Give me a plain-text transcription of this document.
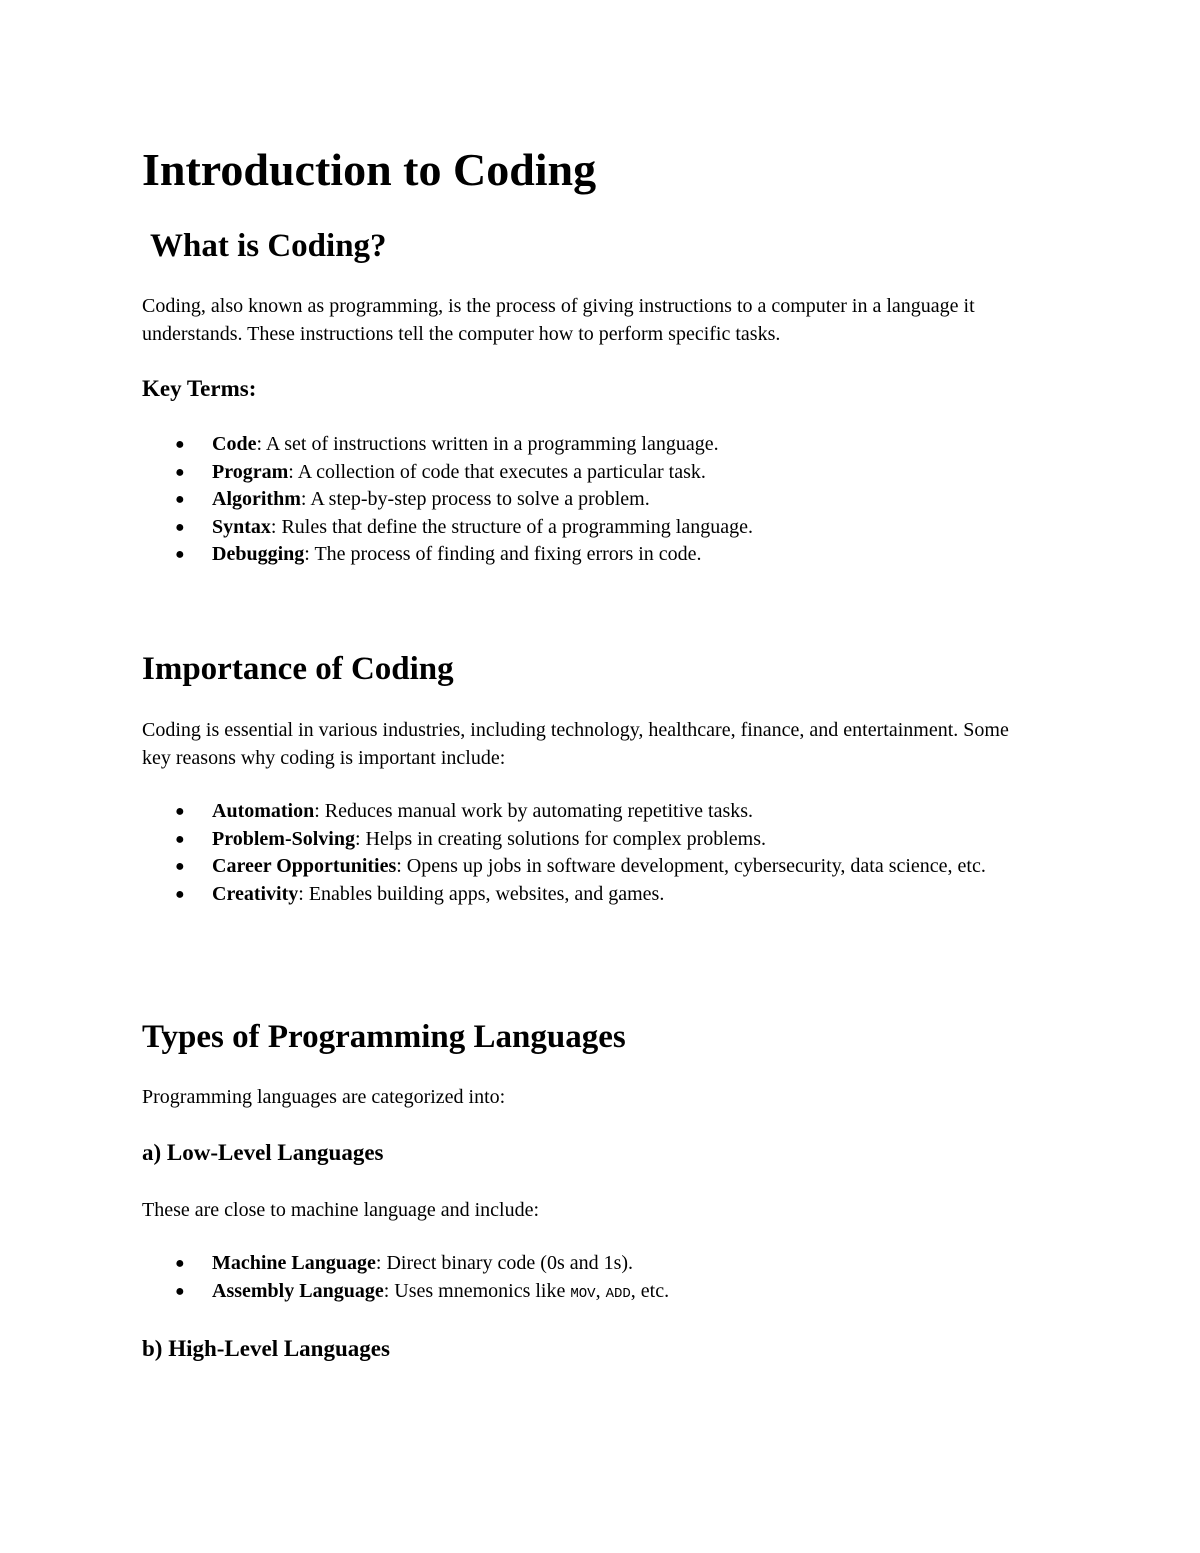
Introduction to Coding
What is Coding?

Coding, also known as programming, is the process of giving instructions to a computer in a language it understands. These instructions tell the computer how to perform specific tasks.

Key Terms:
● Code: A set of instructions written in a programming language.
● Program: A collection of code that executes a particular task.
● Algorithm: A step-by-step process to solve a problem.
● Syntax: Rules that define the structure of a programming language.
● Debugging: The process of finding and fixing errors in code.
Importance of Coding

Coding is essential in various industries, including technology, healthcare, finance, and entertainment. Some key reasons why coding is important include:

● Automation: Reduces manual work by automating repetitive tasks.
● Problem-Solving: Helps in creating solutions for complex problems.
● Career Opportunities: Opens up jobs in software development, cybersecurity, data science, etc.
● Creativity: Enables building apps, websites, and games.
Types of Programming Languages

Programming languages are categorized into:

a) Low-Level Languages

These are close to machine language and include:

● Machine Language: Direct binary code (0s and 1s).
● Assembly Language: Uses mnemonics like MOV, ADD, etc.
b) High-Level Languages
